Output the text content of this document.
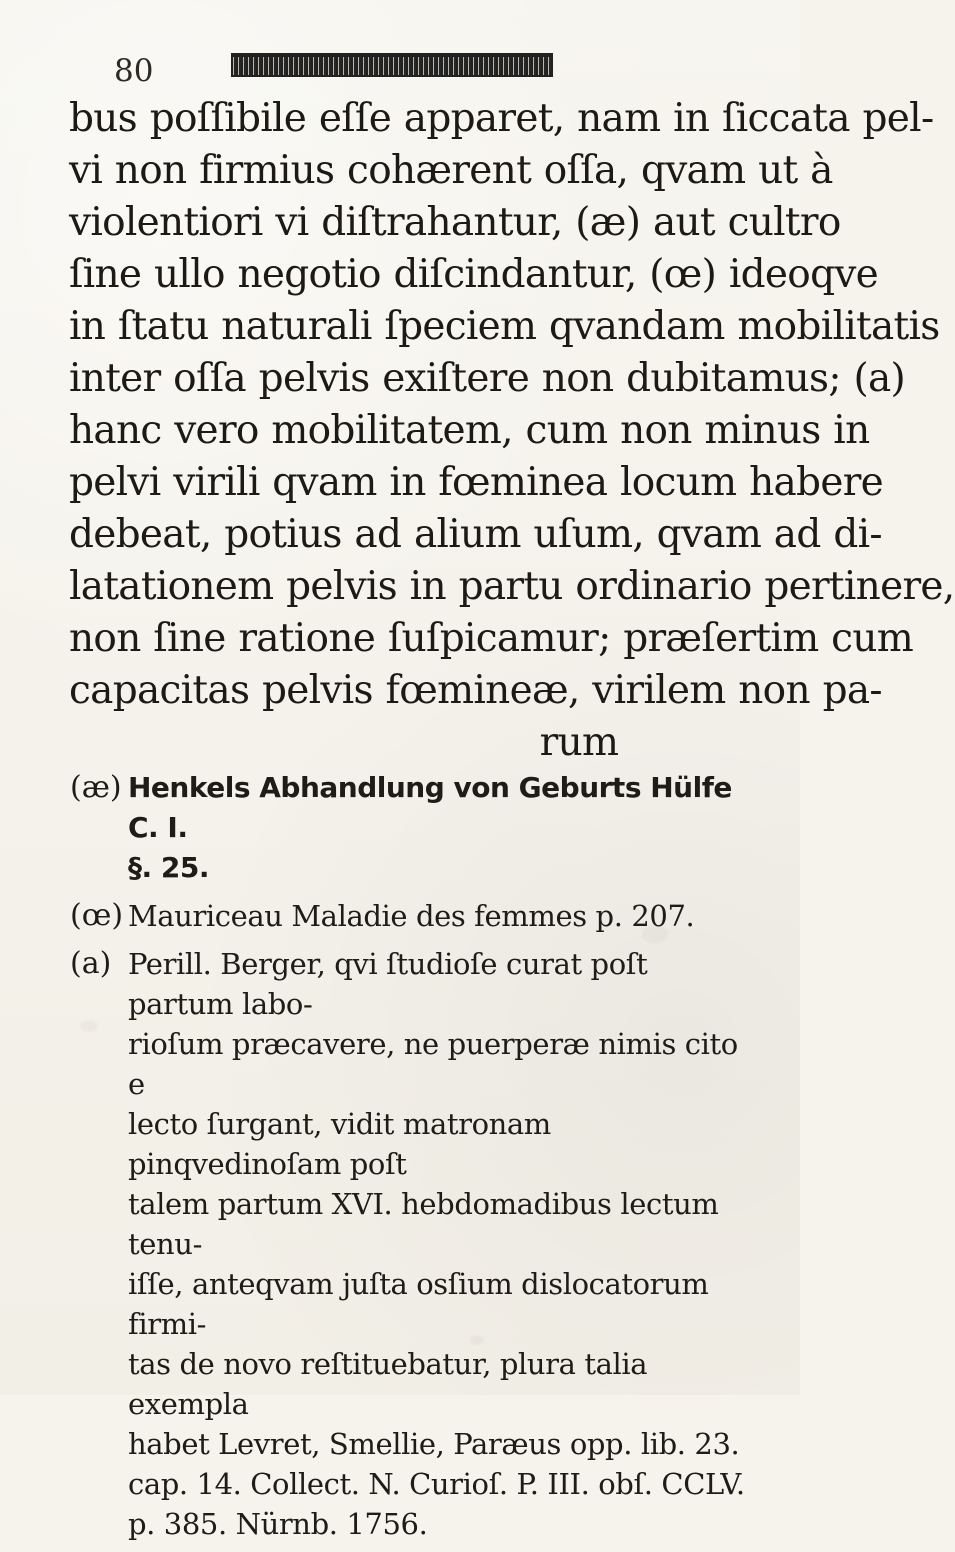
80
bus poſſibile eſſe apparet, nam in ſiccata pel-
vi non firmius cohærent oſſa, qvam ut à
violentiori vi diſtrahantur, (æ) aut cultro
ſine ullo negotio diſcindantur, (œ) ideoqve
in ſtatu naturali ſpeciem qvandam mobilitatis
inter oſſa pelvis exiſtere non dubitamus; (a)
hanc vero mobilitatem, cum non minus in
pelvi virili qvam in fœminea locum habere
debeat, potius ad alium uſum, qvam ad di-
latationem pelvis in partu ordinario pertinere,
non ſine ratione ſuſpicamur; præſertim cum
capacitas pelvis fœmineæ, virilem non pa-
rum
(æ) Henkels Abhandlung von Geburts Hülfe C. I.
§. 25.
(œ) Mauriceau Maladie des femmes p. 207.
(a) Perill. Berger, qvi ſtudioſe curat poſt partum labo-
rioſum præcavere, ne puerperæ nimis cito e
lecto ſurgant, vidit matronam pinqvedinoſam poſt
talem partum XVI. hebdomadibus lectum tenu-
iſſe, anteqvam juſta osſium dislocatorum firmi-
tas de novo reſtituebatur, plura talia exempla
habet Levret, Smellie, Paræus opp. lib. 23.
cap. 14. Collect. N. Curioſ. P. III. obſ. CCLV.
p. 385. Nürnb. 1756.
